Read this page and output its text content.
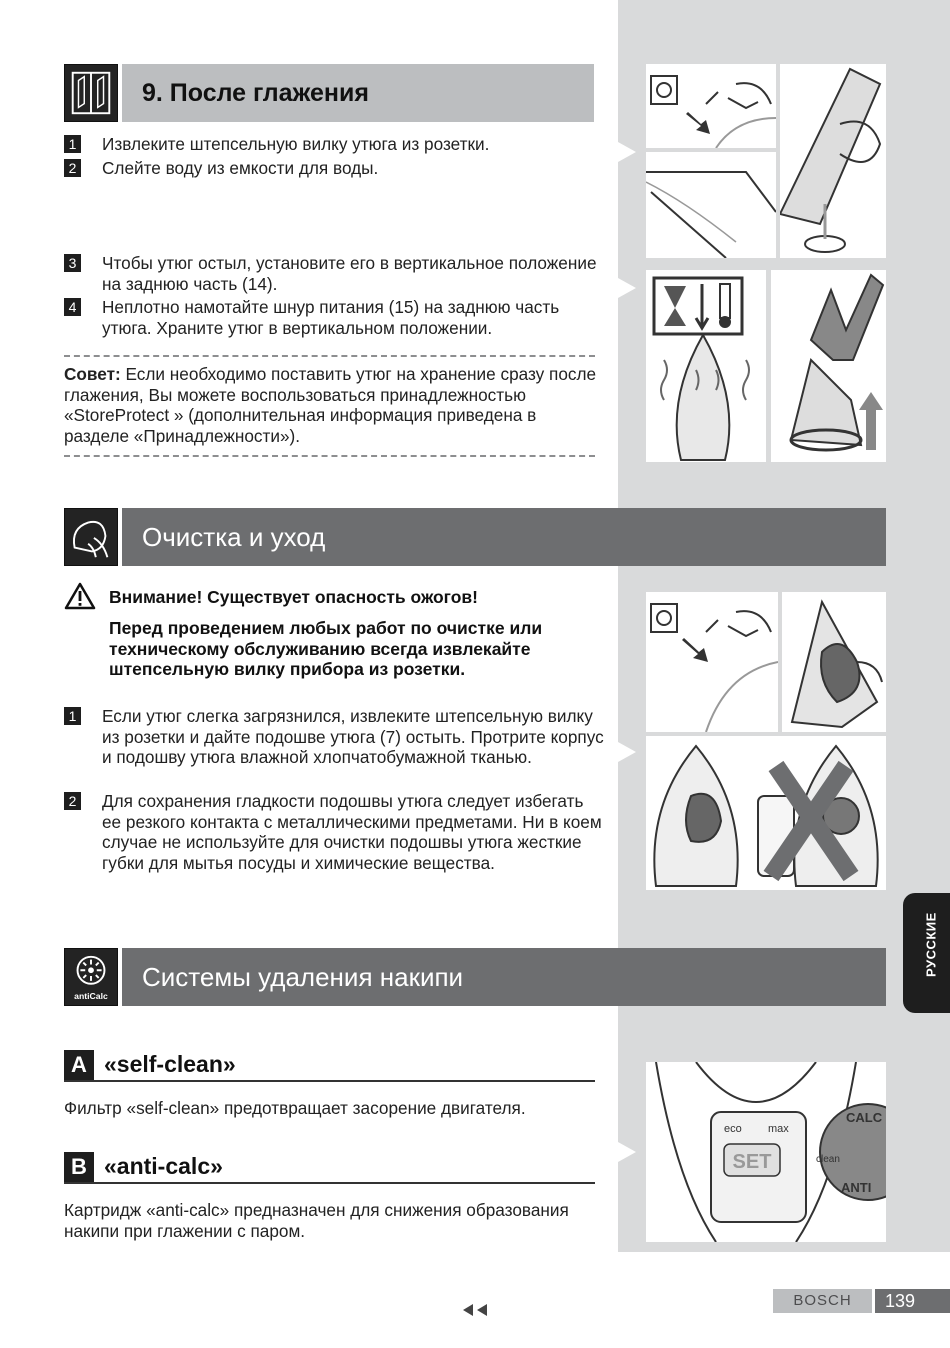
9. После глажения
1 Извлеките штепсельную вилку утюга из розетки.
2 Слейте воду из емкости для воды.
3 Чтобы утюг остыл, установите его в вертикальное положение на заднюю часть (14).
4 Неплотно намотайте шнур питания (15) на заднюю часть утюга. Храните утюг в вертикальном положении.
Совет: Если необходимо поставить утюг на хранение сразу после глажения, Вы можете воспользоваться принадлежностью «StoreProtect » (дополнительная информация приведена в разделе «Принадлежности»).
Очистка и уход
Внимание! Существует опасность ожогов!
Перед проведением любых работ по очистке или техническому обслуживанию всегда извлекайте штепсельную вилку прибора из розетки.
1 Если утюг слегка загрязнился, извлеките штепсельную вилку из розетки и дайте подошве утюга (7) остыть. Протрите корпус и подошву утюга влажной хлопчатобумажной тканью.
2 Для сохранения гладкости подошвы утюга следует избегать ее резкого контакта с металлическими предметами. Ни в коем случае не используйте для очистки подошвы утюга жесткие губки для мытья посуды и химические вещества.
antiCalc
Системы удаления накипи
A «self-clean»
Фильтр «self-clean» предотвращает засорение двигателя.
B «anti-calc»
Картридж «anti-calc» предназначен для снижения образования накипи при глажении с паром.
eco max
SET
CALC
ANTI
clean
РУССКИЕ
BOSCH	139
